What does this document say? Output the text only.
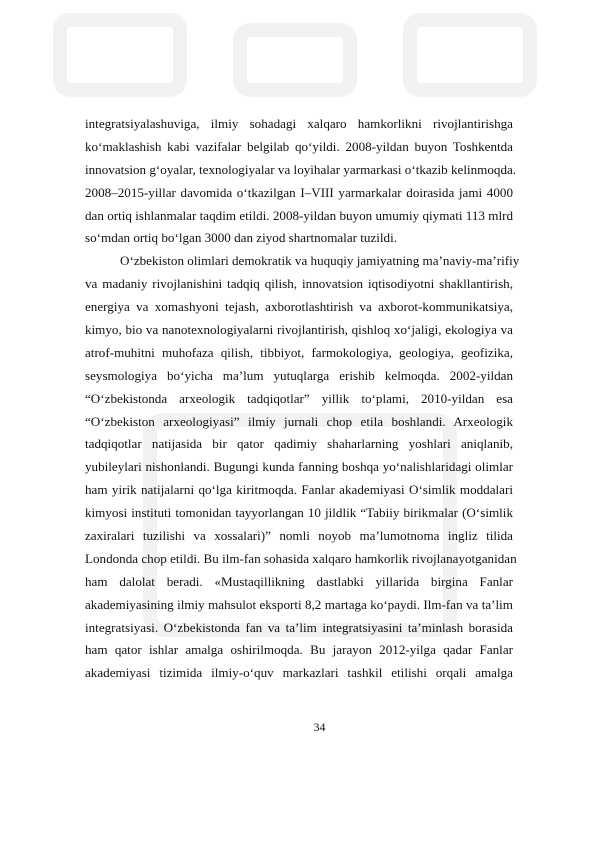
integratsiyalashuviga, ilmiy sohadagi xalqaro hamkorlikni rivojlantirishga
ko‘maklashish kabi vazifalar belgilab qo‘yildi. 2008-yildan buyon Toshkentda
innovatsion g‘oyalar, texnologiyalar va loyihalar yarmarkasi o‘tkazib kelinmoqda.
2008–2015-yillar davomida o‘tkazilgan I–VIII yarmarkalar doirasida jami 4000
dan ortiq ishlanmalar taqdim etildi. 2008-yildan buyon umumiy qiymati 113 mlrd
so‘mdan ortiq bo‘lgan 3000 dan ziyod shartnomalar tuzildi.
O‘zbekiston olimlari demokratik va huquqiy jamiyatning ma’naviy-ma’rifiy
va madaniy rivojlanishini tadqiq qilish, innovatsion iqtisodiyotni shakllantirish,
energiya va xomashyoni tejash, axborotlashtirish va axborot-kommunikatsiya,
kimyo, bio va nanotexnologiyalarni rivojlantirish, qishloq xo‘jaligi, ekologiya va
atrof-muhitni muhofaza qilish, tibbiyot, farmokologiya, geologiya, geofizika,
seysmologiya bo‘yicha ma’lum yutuqlarga erishib kelmoqda. 2002-yildan
“O‘zbekistonda arxeologik tadqiqotlar” yillik to‘plami, 2010-yildan esa
“O‘zbekiston arxeologiyasi” ilmiy jurnali chop etila boshlandi. Arxeologik
tadqiqotlar natijasida bir qator qadimiy shaharlarning yoshlari aniqlanib,
yubileylari nishonlandi. Bugungi kunda fanning boshqa yo‘nalishlaridagi olimlar
ham yirik natijalarni qo‘lga kiritmoqda. Fanlar akademiyasi O‘simlik moddalari
kimyosi instituti tomonidan tayyorlangan 10 jildlik “Tabiiy birikmalar (O‘simlik
zaxiralari tuzilishi va xossalari)” nomli noyob ma’lumotnoma ingliz tilida
Londonda chop etildi. Bu ilm-fan sohasida xalqaro hamkorlik rivojlanayotganidan
ham dalolat beradi. «Mustaqillikning dastlabki yillarida birgina Fanlar
akademiyasining ilmiy mahsulot eksporti 8,2 martaga ko‘paydi. Ilm-fan va ta’lim
integratsiyasi. O‘zbekistonda fan va ta’lim integratsiyasini ta’minlash borasida
ham qator ishlar amalga oshirilmoqda. Bu jarayon 2012-yilga qadar Fanlar
akademiyasi tizimida ilmiy-o‘quv markazlari tashkil etilishi orqali amalga
34
